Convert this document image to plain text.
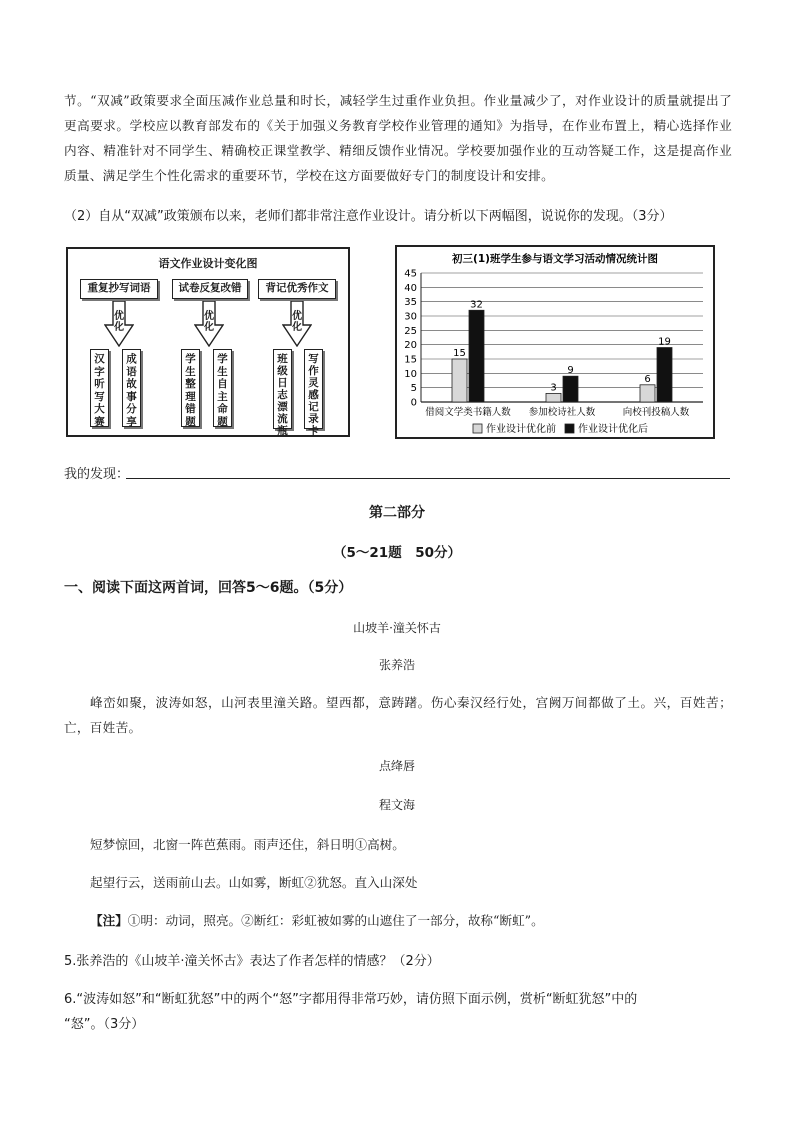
节。“双减”政策要求全面压减作业总量和时长，减轻学生过重作业负担。作业量减少了，对作业设计的质量就提出了更高要求。学校应以教育部发布的《关于加强义务教育学校作业管理的通知》为指导，在作业布置上，精心选择作业内容、精准针对不同学生、精确校正课堂教学、精细反馈作业情况。学校要加强作业的互动答疑工作，这是提高作业质量、满足学生个性化需求的重要环节，学校在这方面要做好专门的制度设计和安排。
（2）自从“双减”政策颁布以来，老师们都非常注意作业设计。请分析以下两幅图，说说你的发现。（3分）
语文作业设计变化图
重复抄写词语
优化
汉字听写大赛
成语故事分享
试卷反复改错
优化
学生整理错题
学生自主命题
背记优秀作文
优化
班级日志漂流瓶
写作灵感记录卡
初三(1)班学生参与语文学习活动情况统计图
0
5
10
15
20
25
30
35
40
45
借阅文学类书籍人数
15
32
参加校诗社人数
3
9
向校刊投稿人数
6
19
作业设计优化前 作业设计优化后
我的发现：
第二部分
（5～21题　50分）
一、阅读下面这两首词，回答5～6题。（5分）
山坡羊·潼关怀古
张养浩
峰峦如聚，波涛如怒，山河表里潼关路。望西都，意踌躇。伤心秦汉经行处，宫阙万间都做了土。兴，百姓苦；亡，百姓苦。
点绛唇
程文海
短梦惊回，北窗一阵芭蕉雨。雨声还住，斜日明①高树。
起望行云，送雨前山去。山如雾，断虹②犹怒。直入山深处
【注】①明：动词，照亮。②断红：彩虹被如雾的山遮住了一部分，故称“断虹”。
5.张养浩的《山坡羊·潼关怀古》表达了作者怎样的情感？（2分）
6.“波涛如怒”和“断虹犹怒”中的两个“怒”字都用得非常巧妙，请仿照下面示例，赏析“断虹犹怒”中的
“怒”。（3分）
